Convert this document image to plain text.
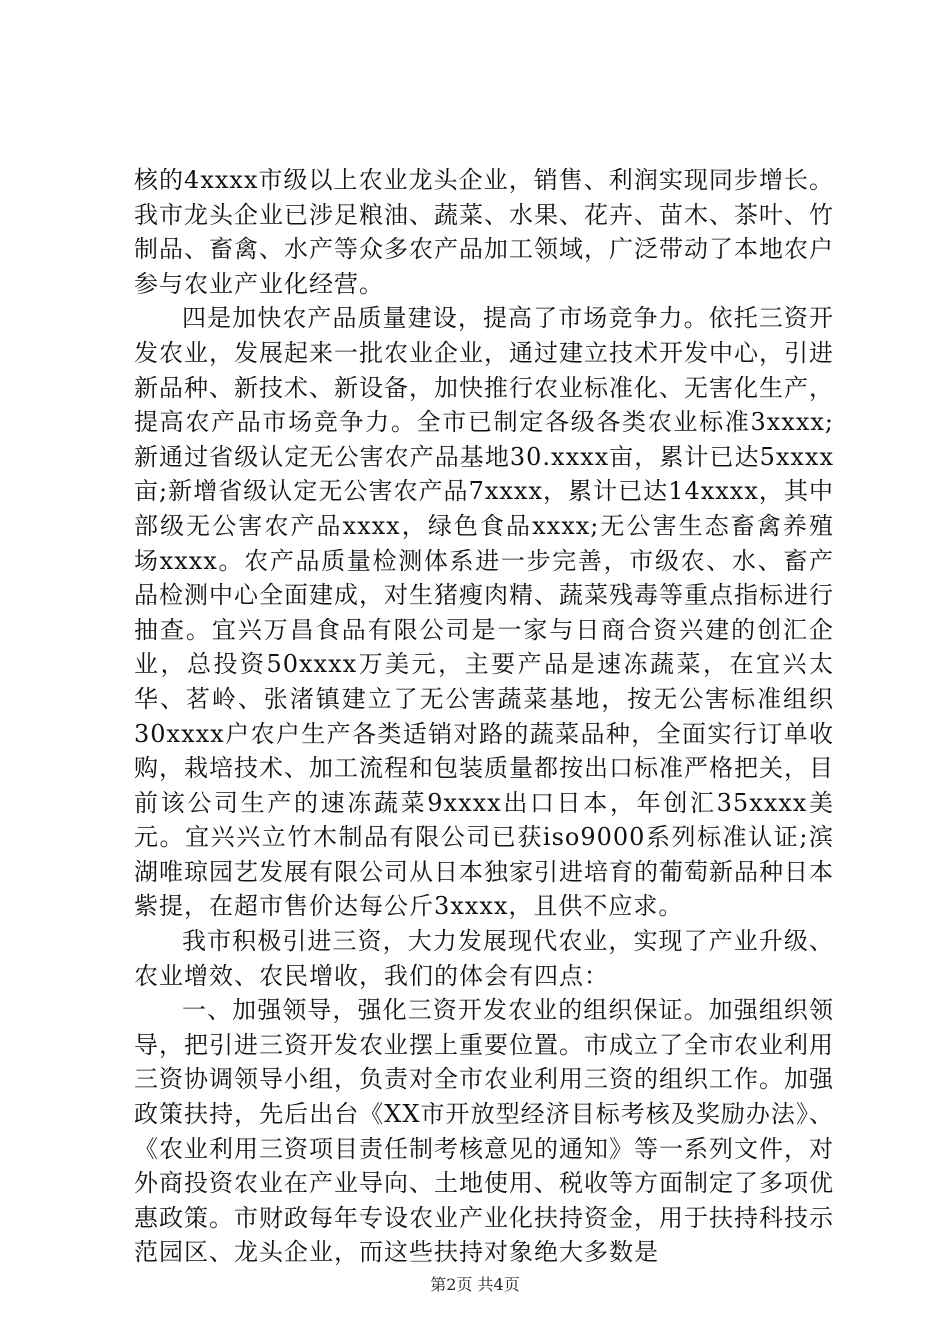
核的4xxxx市级以上农业龙头企业，销售、利润实现同步增长。我市龙头企业已涉足粮油、蔬菜、水果、花卉、苗木、茶叶、竹制品、畜禽、水产等众多农产品加工领域，广泛带动了本地农户参与农业产业化经营。

四是加快农产品质量建设，提高了市场竞争力。依托三资开发农业，发展起来一批农业企业，通过建立技术开发中心，引进新品种、新技术、新设备，加快推行农业标准化、无害化生产，提高农产品市场竞争力。全市已制定各级各类农业标准3xxxx;新通过省级认定无公害农产品基地30.xxxx亩，累计已达5xxxx亩;新增省级认定无公害农产品7xxxx，累计已达14xxxx，其中部级无公害农产品xxxx，绿色食品xxxx;无公害生态畜禽养殖场xxxx。农产品质量检测体系进一步完善，市级农、水、畜产品检测中心全面建成，对生猪瘦肉精、蔬菜残毒等重点指标进行抽查。宜兴万昌食品有限公司是一家与日商合资兴建的创汇企业，总投资50xxxx万美元，主要产品是速冻蔬菜，在宜兴太华、茗岭、张渚镇建立了无公害蔬菜基地，按无公害标准组织30xxxx户农户生产各类适销对路的蔬菜品种，全面实行订单收购，栽培技术、加工流程和包装质量都按出口标准严格把关，目前该公司生产的速冻蔬菜9xxxx出口日本，年创汇35xxxx美元。宜兴兴立竹木制品有限公司已获iso9000系列标准认证;滨湖唯琼园艺发展有限公司从日本独家引进培育的葡萄新品种日本紫提，在超市售价达每公斤3xxxx，且供不应求。

我市积极引进三资，大力发展现代农业，实现了产业升级、农业增效、农民增收，我们的体会有四点：

一、加强领导，强化三资开发农业的组织保证。加强组织领导，把引进三资开发农业摆上重要位置。市成立了全市农业利用三资协调领导小组，负责对全市农业利用三资的组织工作。加强政策扶持，先后出台《XX市开放型经济目标考核及奖励办法》、《农业利用三资项目责任制考核意见的通知》等一系列文件，对外商投资农业在产业导向、土地使用、税收等方面制定了多项优惠政策。市财政每年专设农业产业化扶持资金，用于扶持科技示范园区、龙头企业，而这些扶持对象绝大多数是

第2页 共4页
